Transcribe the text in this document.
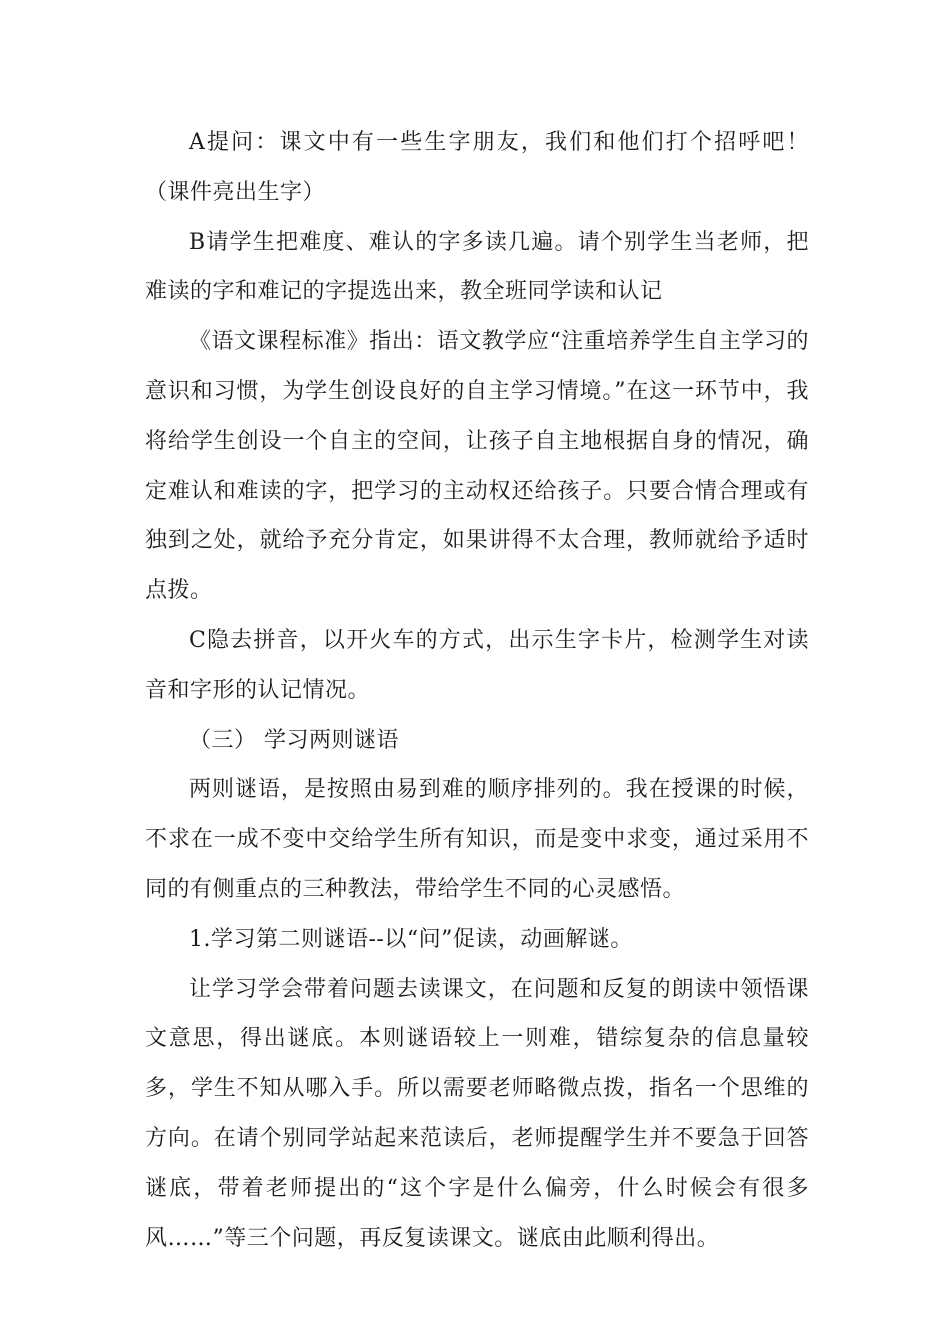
A提问：课文中有一些生字朋友，我们和他们打个招呼吧！（课件亮出生字）

B请学生把难度、难认的字多读几遍。请个别学生当老师，把难读的字和难记的字提选出来，教全班同学读和认记

《语文课程标准》指出：语文教学应“注重培养学生自主学习的意识和习惯，为学生创设良好的自主学习情境。”在这一环节中，我将给学生创设一个自主的空间，让孩子自主地根据自身的情况，确定难认和难读的字，把学习的主动权还给孩子。只要合情合理或有独到之处，就给予充分肯定，如果讲得不太合理，教师就给予适时点拨。

C隐去拼音，以开火车的方式，出示生字卡片，检测学生对读音和字形的认记情况。

（三） 学习两则谜语

两则谜语，是按照由易到难的顺序排列的。我在授课的时候，不求在一成不变中交给学生所有知识，而是变中求变，通过采用不同的有侧重点的三种教法，带给学生不同的心灵感悟。

1.学习第二则谜语--以“问”促读，动画解谜。

让学习学会带着问题去读课文，在问题和反复的朗读中领悟课文意思，得出谜底。本则谜语较上一则难，错综复杂的信息量较多，学生不知从哪入手。所以需要老师略微点拨，指名一个思维的方向。在请个别同学站起来范读后，老师提醒学生并不要急于回答谜底，带着老师提出的“这个字是什么偏旁，什么时候会有很多风……”等三个问题，再反复读课文。谜底由此顺利得出。
